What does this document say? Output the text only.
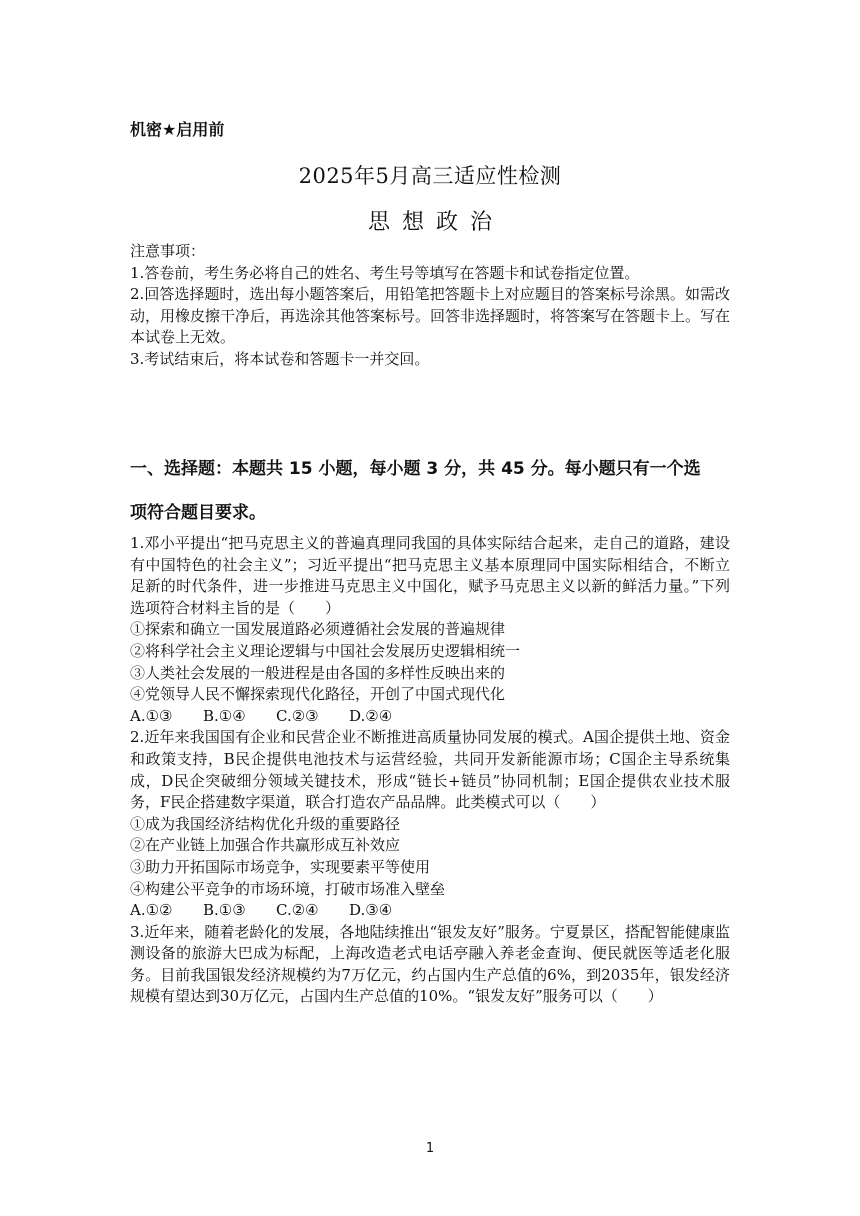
机密★启用前
2025年5月高三适应性检测
思想政治
注意事项：
1.答卷前，考生务必将自己的姓名、考生号等填写在答题卡和试卷指定位置。
2.回答选择题时，选出每小题答案后，用铅笔把答题卡上对应题目的答案标号涂黑。如需改动，用橡皮擦干净后，再选涂其他答案标号。回答非选择题时，将答案写在答题卡上。写在本试卷上无效。
3.考试结束后，将本试卷和答题卡一并交回。
一、选择题：本题共 15 小题，每小题 3 分，共 45 分。每小题只有一个选
项符合题目要求。
1.邓小平提出“把马克思主义的普遍真理同我国的具体实际结合起来，走自己的道路，建设有中国特色的社会主义”；习近平提出“把马克思主义基本原理同中国实际相结合，不断立足新的时代条件，进一步推进马克思主义中国化，赋予马克思主义以新的鲜活力量。”下列选项符合材料主旨的是（　　）
①探索和确立一国发展道路必须遵循社会发展的普遍规律
②将科学社会主义理论逻辑与中国社会发展历史逻辑相统一
③人类社会发展的一般进程是由各国的多样性反映出来的
④党领导人民不懈探索现代化路径，开创了中国式现代化
A.①③	B.①④	C.②③	D.②④
2.近年来我国国有企业和民营企业不断推进高质量协同发展的模式。A国企提供土地、资金和政策支持，B民企提供电池技术与运营经验，共同开发新能源市场；C国企主导系统集成，D民企突破细分领域关键技术，形成“链长+链员”协同机制；E国企提供农业技术服务，F民企搭建数字渠道，联合打造农产品品牌。此类模式可以（　　）
①成为我国经济结构优化升级的重要路径
②在产业链上加强合作共赢形成互补效应
③助力开拓国际市场竞争，实现要素平等使用
④构建公平竞争的市场环境，打破市场准入壁垒
A.①②	B.①③	C.②④	D.③④
3.近年来，随着老龄化的发展，各地陆续推出“银发友好”服务。宁夏景区，搭配智能健康监测设备的旅游大巴成为标配，上海改造老式电话亭融入养老金查询、便民就医等适老化服务。目前我国银发经济规模约为7万亿元，约占国内生产总值的6%，到2035年，银发经济规模有望达到30万亿元，占国内生产总值的10%。“银发友好”服务可以（　　）
1
